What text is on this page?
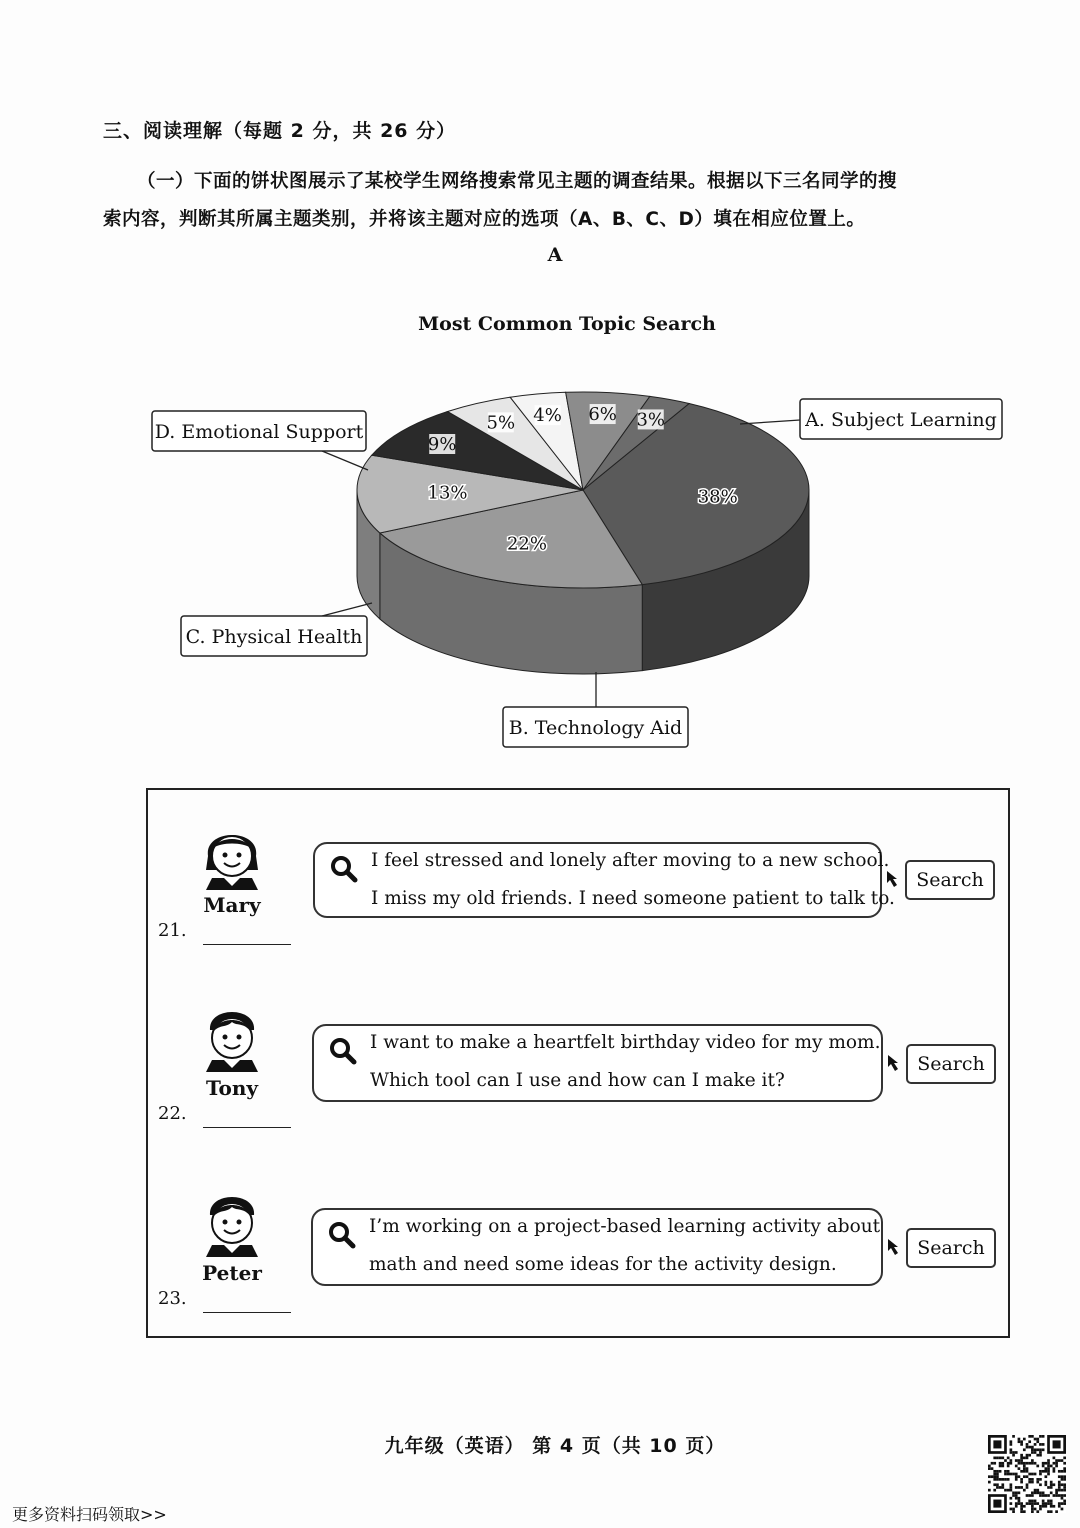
三、阅读理解（每题 2 分，共 26 分）
（一）下面的饼状图展示了某校学生网络搜索常见主题的调查结果。根据以下三名同学的搜
索内容，判断其所属主题类别，并将该主题对应的选项（A、B、C、D）填在相应位置上。
A
Most Common Topic Search
38%
22%
13%
9%
5% 4% 6% 3%	A. Subject Learning
B. Technology Aid
C. Physical Health
D. Emotional Support
Mary
21.
I feel stressed and lonely after moving to a new school.
I miss my old friends. I need someone patient to talk to.
Search
Tony
22.
I want to make a heartfelt birthday video for my mom.
Which tool can I use and how can I make it?
Search
Peter
23.
I’m working on a project-based learning activity about
math and need some ideas for the activity design.
Search
九年级（英语） 第 4 页（共 10 页）
更多资料扫码领取>>
